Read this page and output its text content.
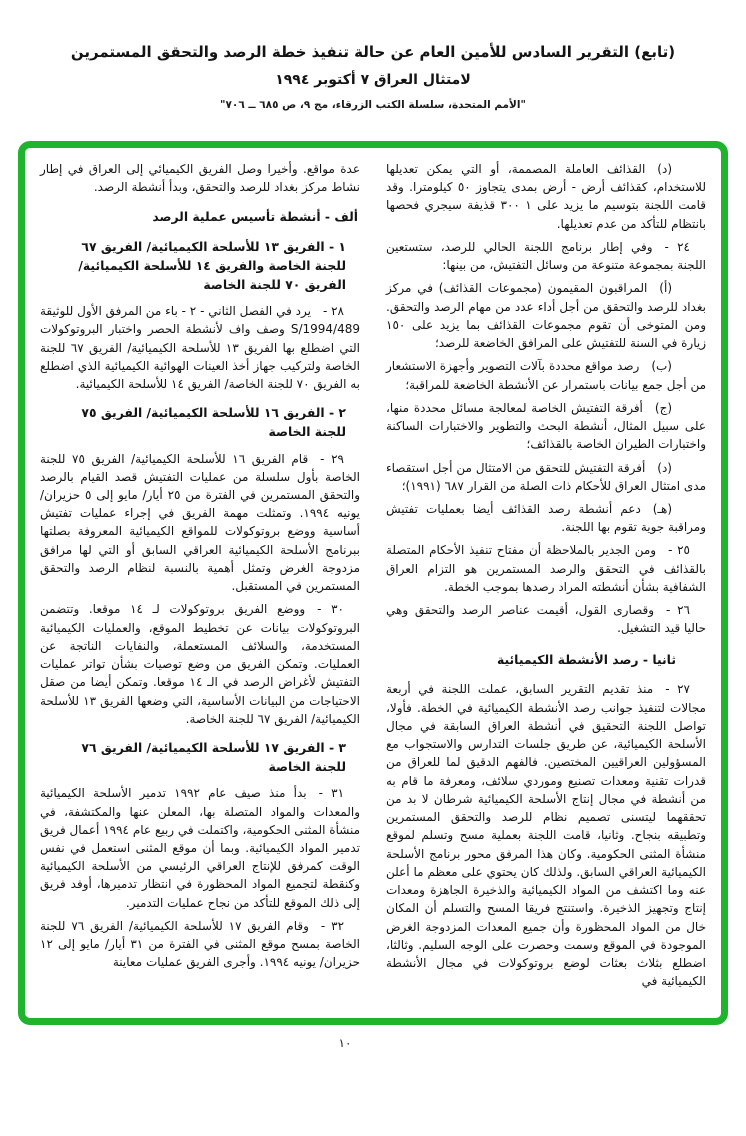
(تابع) التقرير السادس للأمين العام عن حالة تنفيذ خطة الرصد والتحقق المستمرين
لامتثال العراق ٧ أكتوبر ١٩٩٤
"الأمم المتحدة، سلسلة الكتب الزرقاء، مج ٩، ص ٦٨٥ ــ ٧٠٦"

(د) القذائف العاملة المصممة، أو التي يمكن تعديلها للاستخدام، كقذائف أرض - أرض بمدى يتجاوز ٥٠ كيلومترا. وقد قامت اللجنة بتوسيم ما يزيد على ١ ٣٠٠ قذيفة سيجري فحصها بانتظام للتأكد من عدم تعديلها.

٢٤ - وفي إطار برنامج اللجنة الحالي للرصد، ستستعين اللجنة بمجموعة متنوعة من وسائل التفتيش، من بينها:

(أ) المراقبون المقيمون (مجموعات القذائف) في مركز بغداد للرصد والتحقق من أجل أداء عدد من مهام الرصد والتحقق. ومن المتوخى أن تقوم مجموعات القذائف بما يزيد على ١٥٠ زيارة في السنة للتفتيش على المرافق الخاضعة للرصد؛

(ب) رصد مواقع محددة بآلات التصوير وأجهزة الاستشعار من أجل جمع بيانات باستمرار عن الأنشطة الخاضعة للمراقبة؛

(ج) أفرقة التفتيش الخاصة لمعالجة مسائل محددة منها، على سبيل المثال، أنشطة البحث والتطوير والاختبارات الساكنة واختبارات الطيران الخاصة بالقذائف؛

(د) أفرقة التفتيش للتحقق من الامتثال من أجل استقصاء مدى امتثال العراق للأحكام ذات الصلة من القرار ٦٨٧ (١٩٩١)؛

(هـ) دعم أنشطة رصد القذائف أيضا بعمليات تفتيش ومراقبة جوية تقوم بها اللجنة.

٢٥ - ومن الجدير بالملاحظة أن مفتاح تنفيذ الأحكام المتصلة بالقذائف في التحقق والرصد المستمرين هو التزام العراق الشفافية بشأن أنشطته المراد رصدها بموجب الخطة.

٢٦ - وقصارى القول، أقيمت عناصر الرصد والتحقق وهي حاليا قيد التشغيل.

ثانيا - رصد الأنشطة الكيميائية

٢٧ - منذ تقديم التقرير السابق، عملت اللجنة في أربعة مجالات لتنفيذ جوانب رصد الأنشطة الكيميائية في الخطة. فأولا، تواصل اللجنة التحقيق في أنشطة العراق السابقة في مجال الأسلحة الكيميائية، عن طريق جلسات التدارس والاستجواب مع المسؤولين العراقيين المختصين. فالفهم الدقيق لما للعراق من قدرات تقنية ومعدات تصنيع وموردي سلائف، ومعرفة ما قام به من أنشطة في مجال إنتاج الأسلحة الكيميائية شرطان لا بد من تحققهما ليتسنى تصميم نظام للرصد والتحقق المستمرين وتطبيقه بنجاح. وثانيا، قامت اللجنة بعملية مسح وتسلم لموقع منشأة المثنى الحكومية. وكان هذا المرفق محور برنامج الأسلحة الكيميائية العراقي السابق. ولذلك كان يحتوي على معظم ما أعلن عنه وما اكتشف من المواد الكيميائية والذخيرة الجاهزة ومعدات إنتاج وتجهيز الذخيرة. واستنتج فريقا المسح والتسلم أن المكان خال من المواد المحظورة وأن جميع المعدات المزدوجة الغرض الموجودة في الموقع وسمت وحصرت على الوجه السليم. وثالثا، اضطلع بثلاث بعثات لوضع بروتوكولات في مجال الأنشطة الكيميائية في

عدة مواقع. وأخيرا وصل الفريق الكيميائي إلى العراق في إطار نشاط مركز بغداد للرصد والتحقق، وبدأ أنشطة الرصد.

ألف - أنشطة تأسيس عملية الرصد
١ - الفريق ١٣ للأسلحة الكيميائية/ الفريق ٦٧ للجنة الخاصة والفريق ١٤ للأسلحة الكيميائية/ الفريق ٧٠ للجنة الخاصة

٢٨ - يرد في الفصل الثاني - ٢ - باء من المرفق الأول للوثيقة S/1994/489 وصف واف لأنشطة الحصر واختبار البروتوكولات التي اضطلع بها الفريق ١٣ للأسلحة الكيميائية/ الفريق ٦٧ للجنة الخاصة ولتركيب جهاز أخذ العينات الهوائية الكيميائية الذي اضطلع به الفريق ٧٠ للجنة الخاصة/ الفريق ١٤ للأسلحة الكيميائية.

٢ - الفريق ١٦ للأسلحة الكيميائية/ الفريق ٧٥ للجنة الخاصة

٢٩ - قام الفريق ١٦ للأسلحة الكيميائية/ الفريق ٧٥ للجنة الخاصة بأول سلسلة من عمليات التفتيش قصد القيام بالرصد والتحقق المستمرين في الفترة من ٢٥ أيار/ مايو إلى ٥ حزيران/ يونيه ١٩٩٤. وتمثلت مهمة الفريق في إجراء عمليات تفتيش أساسية ووضع بروتوكولات للمواقع الكيميائية المعروفة بصلتها ببرنامج الأسلحة الكيميائية العراقي السابق أو التي لها مرافق مزدوجة الغرض وتمثل أهمية بالنسبة لنظام الرصد والتحقق المستمرين في المستقبل.

٣٠ - ووضع الفريق بروتوكولات لـ ١٤ موقعا. وتتضمن البروتوكولات بيانات عن تخطيط الموقع، والعمليات الكيميائية المستخدمة، والسلائف المستعملة، والنفايات الناتجة عن العمليات. وتمكن الفريق من وضع توصيات بشأن تواتر عمليات التفتيش لأغراض الرصد في الـ ١٤ موقعا. وتمكن أيضا من صقل الاحتياجات من البيانات الأساسية، التي وضعها الفريق ١٣ للأسلحة الكيميائية/ الفريق ٦٧ للجنة الخاصة.

٣ - الفريق ١٧ للأسلحة الكيميائية/ الفريق ٧٦ للجنة الخاصة

٣١ - بدأ منذ صيف عام ١٩٩٢ تدمير الأسلحة الكيميائية والمعدات والمواد المتصلة بها، المعلن عنها والمكتشفة، في منشأة المثنى الحكومية، واكتملت في ربيع عام ١٩٩٤ أعمال فريق تدمير المواد الكيميائية. وبما أن موقع المثنى استعمل في نفس الوقت كمرفق للإنتاج العراقي الرئيسي من الأسلحة الكيميائية وكنقطة لتجميع المواد المحظورة في انتظار تدميرها، أوفد فريق إلى ذلك الموقع للتأكد من نجاح عمليات التدمير.

٣٢ - وقام الفريق ١٧ للأسلحة الكيميائية/ الفريق ٧٦ للجنة الخاصة بمسح موقع المثنى في الفترة من ٣١ أيار/ مايو إلى ١٢ حزيران/ يونيه ١٩٩٤. وأجرى الفريق عمليات معاينة

١٠
